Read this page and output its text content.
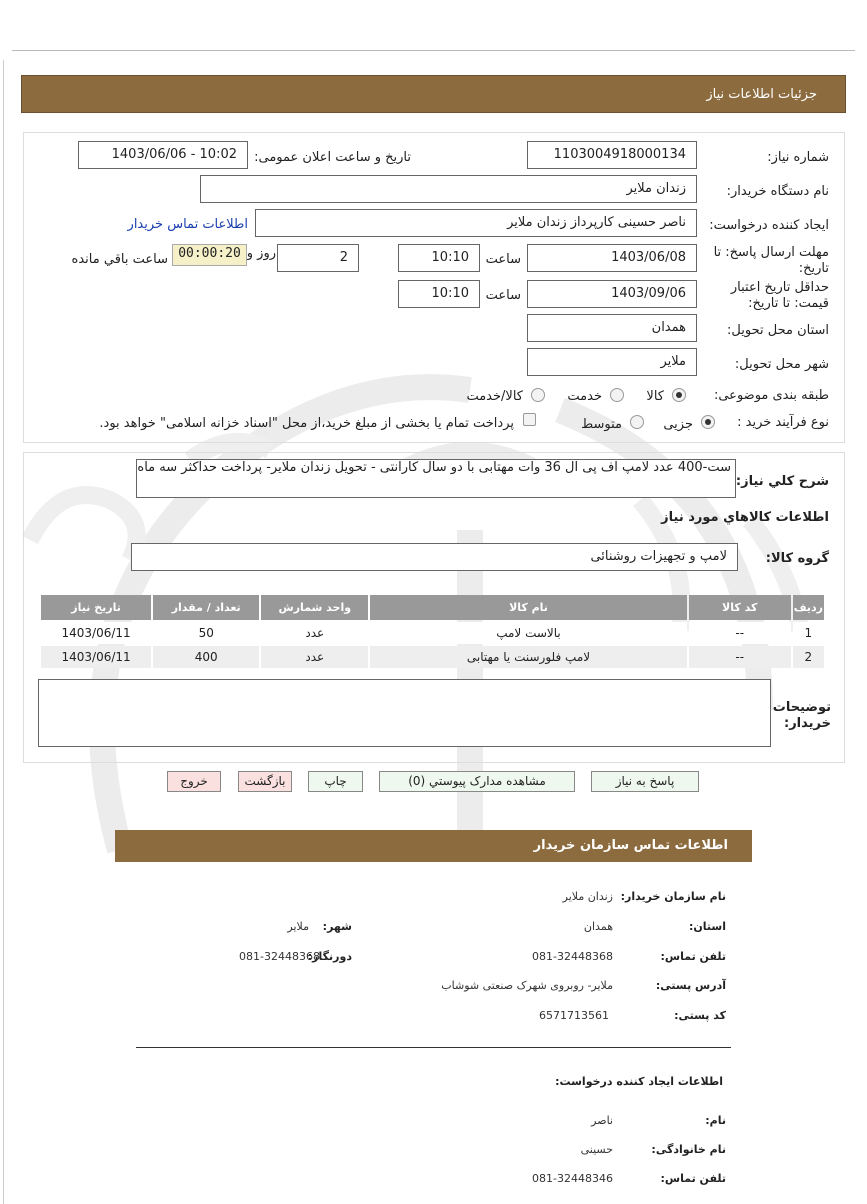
جزئیات اطلاعات نیاز
شماره نیاز:
1103004918000134
تاریخ و ساعت اعلان عمومی:
1403/06/06 - 10:02
نام دستگاه خریدار:
زندان ملایر
ایجاد کننده درخواست:
ناصر حسینی کارپرداز زندان ملایر
اطلاعات تماس خریدار
مهلت ارسال پاسخ: تا تاریخ:
1403/06/08
ساعت
10:10
2
روز و
00:00:20
ساعت باقي مانده
حداقل تاریخ اعتبار قیمت: تا تاریخ:
1403/09/06
ساعت
10:10
استان محل تحویل:
همدان
شهر محل تحویل:
ملایر
طبقه بندی موضوعی:
کالا
خدمت
کالا/خدمت
نوع فرآیند خرید :
جزیی
متوسط
پرداخت تمام یا بخشی از مبلغ خرید،از محل "اسناد خزانه اسلامی" خواهد بود.
شرح کلي نياز:
ست-400 عدد لامپ اف پی ال 36 وات مهتابی با دو سال کارانتی - تحویل زندان ملایر- پرداخت حداکثر سه ماه
اطلاعات کالاهاي مورد نياز
گروه کالا:
لامپ و تجهیزات روشنائی
رديف	کد کالا	نام کالا	واحد شمارش	تعداد / مقدار	تاريخ نياز
1	--	بالاست لامپ	عدد	50	1403/06/11
2	--	لامپ فلورسنت یا مهتابی	عدد	400	1403/06/11
توضیحات خریدار:
پاسخ به نياز
مشاهده مدارک پيوستي (0)
چاپ
بازگشت
خروج
اطلاعات تماس سازمان خریدار
نام سازمان خریدار:
زندان ملایر
استان:
همدان
شهر:
ملایر
تلفن تماس:
081-32448368
دورنگار:
081-32448368
آدرس پستی:
ملایر- روبروی شهرک صنعتی شوشاب
کد پستی:
6571713561
اطلاعات ایجاد کننده درخواست:
نام:
ناصر
نام خانوادگی:
حسینی
تلفن تماس:
081-32448346
